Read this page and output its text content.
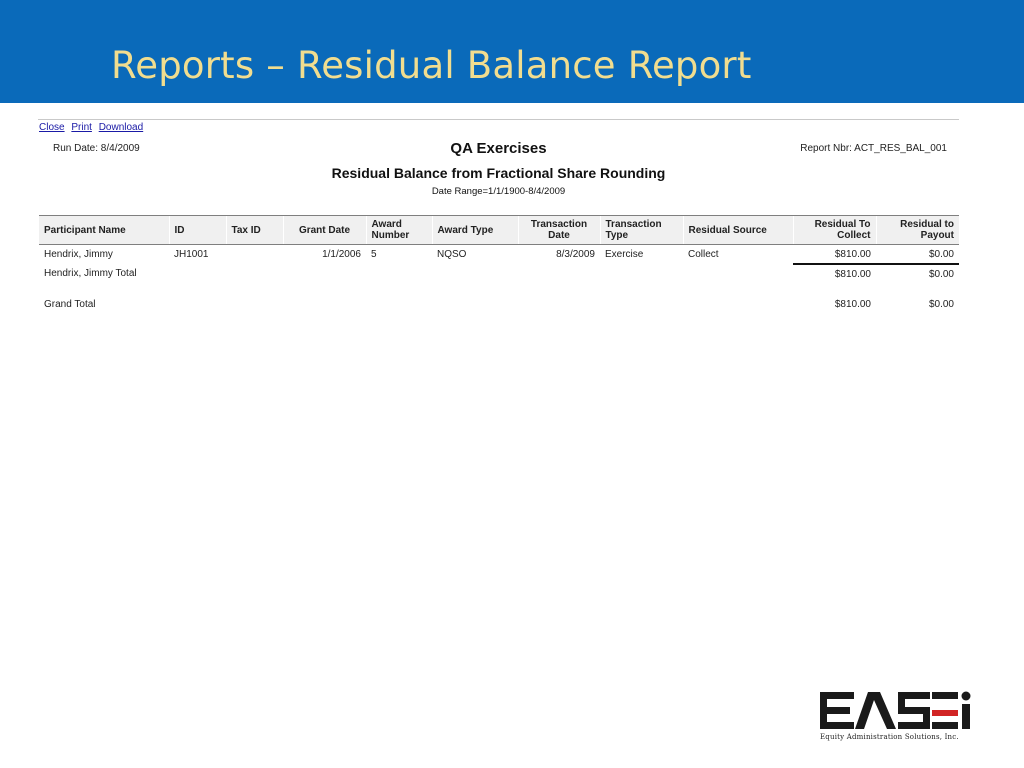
Reports – Residual Balance Report
Close Print Download
Run Date: 8/4/2009	Report Nbr: ACT_RES_BAL_001
QA Exercises
Residual Balance from Fractional Share Rounding
Date Range=1/1/1900-8/4/2009
Participant Name	ID	Tax ID	Grant Date	Award Number	Award Type	Transaction Date	Transaction Type	Residual Source	Residual To Collect	Residual to Payout
Hendrix, Jimmy	JH1001		1/1/2006	5	NQSO	8/3/2009	Exercise	Collect	$810.00	$0.00
Hendrix, Jimmy Total									$810.00	$0.00

Grand Total									$810.00	$0.00
Equity Administration Solutions, Inc.
